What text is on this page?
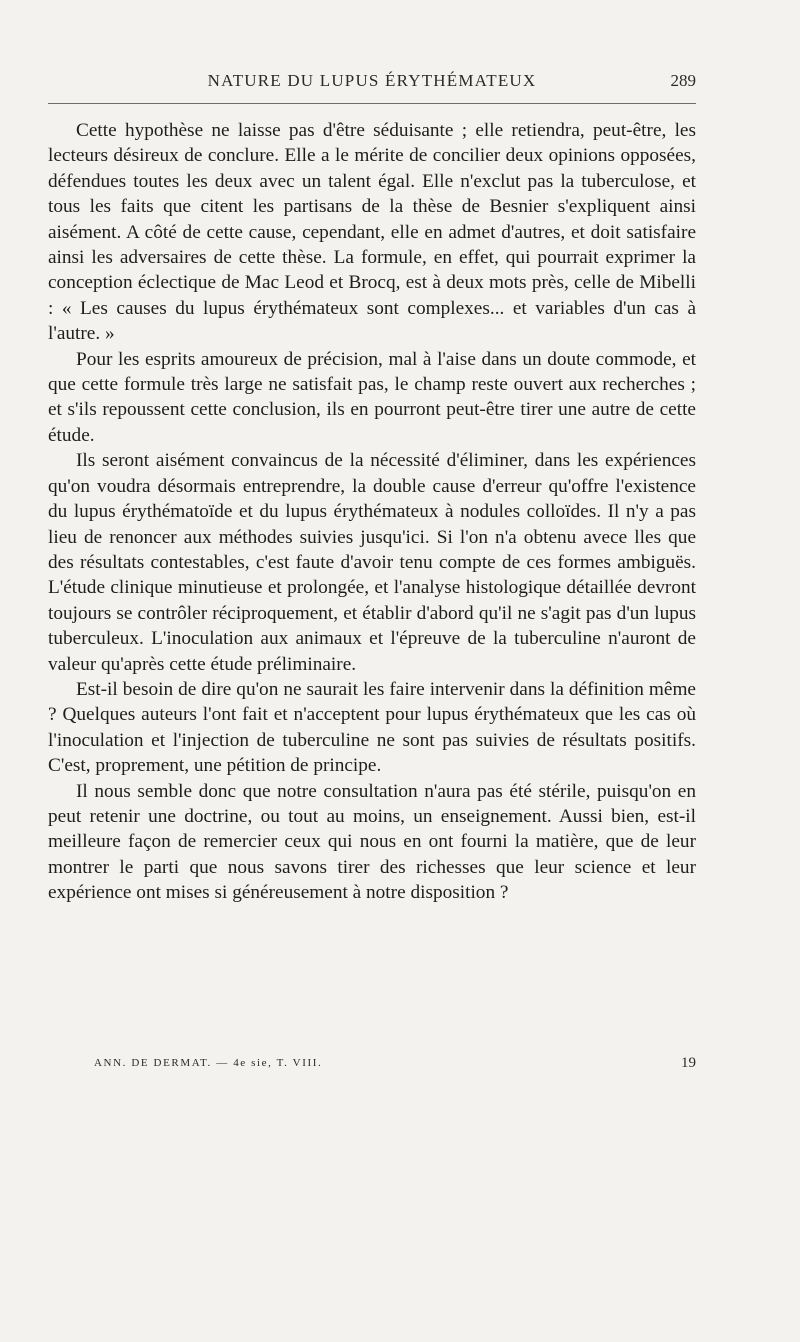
NATURE DU LUPUS ÉRYTHÉMATEUX	289

Cette hypothèse ne laisse pas d'être séduisante ; elle retiendra, peut-être, les lecteurs désireux de conclure. Elle a le mérite de concilier deux opinions opposées, défendues toutes les deux avec un talent égal. Elle n'exclut pas la tuberculose, et tous les faits que citent les partisans de la thèse de Besnier s'expliquent ainsi aisément. A côté de cette cause, cependant, elle en admet d'autres, et doit satisfaire ainsi les adversaires de cette thèse. La formule, en effet, qui pourrait exprimer la conception éclectique de Mac Leod et Brocq, est à deux mots près, celle de Mibelli : « Les causes du lupus érythémateux sont complexes... et variables d'un cas à l'autre. »

Pour les esprits amoureux de précision, mal à l'aise dans un doute commode, et que cette formule très large ne satisfait pas, le champ reste ouvert aux recherches ; et s'ils repoussent cette conclusion, ils en pourront peut-être tirer une autre de cette étude.

Ils seront aisément convaincus de la nécessité d'éliminer, dans les expériences qu'on voudra désormais entreprendre, la double cause d'erreur qu'offre l'existence du lupus érythématoïde et du lupus érythémateux à nodules colloïdes. Il n'y a pas lieu de renoncer aux méthodes suivies jusqu'ici. Si l'on n'a obtenu avece lles que des résultats contestables, c'est faute d'avoir tenu compte de ces formes ambiguës. L'étude clinique minutieuse et prolongée, et l'analyse histologique détaillée devront toujours se contrôler réciproquement, et établir d'abord qu'il ne s'agit pas d'un lupus tuberculeux. L'inoculation aux animaux et l'épreuve de la tuberculine n'auront de valeur qu'après cette étude préliminaire.

Est-il besoin de dire qu'on ne saurait les faire intervenir dans la définition même ? Quelques auteurs l'ont fait et n'acceptent pour lupus érythémateux que les cas où l'inoculation et l'injection de tuberculine ne sont pas suivies de résultats positifs. C'est, proprement, une pétition de principe.

Il nous semble donc que notre consultation n'aura pas été stérile, puisqu'on en peut retenir une doctrine, ou tout au moins, un enseignement. Aussi bien, est-il meilleure façon de remercier ceux qui nous en ont fourni la matière, que de leur montrer le parti que nous savons tirer des richesses que leur science et leur expérience ont mises si généreusement à notre disposition ?

ANN. DE DERMAT. — 4e sie, T. VIII.	19
